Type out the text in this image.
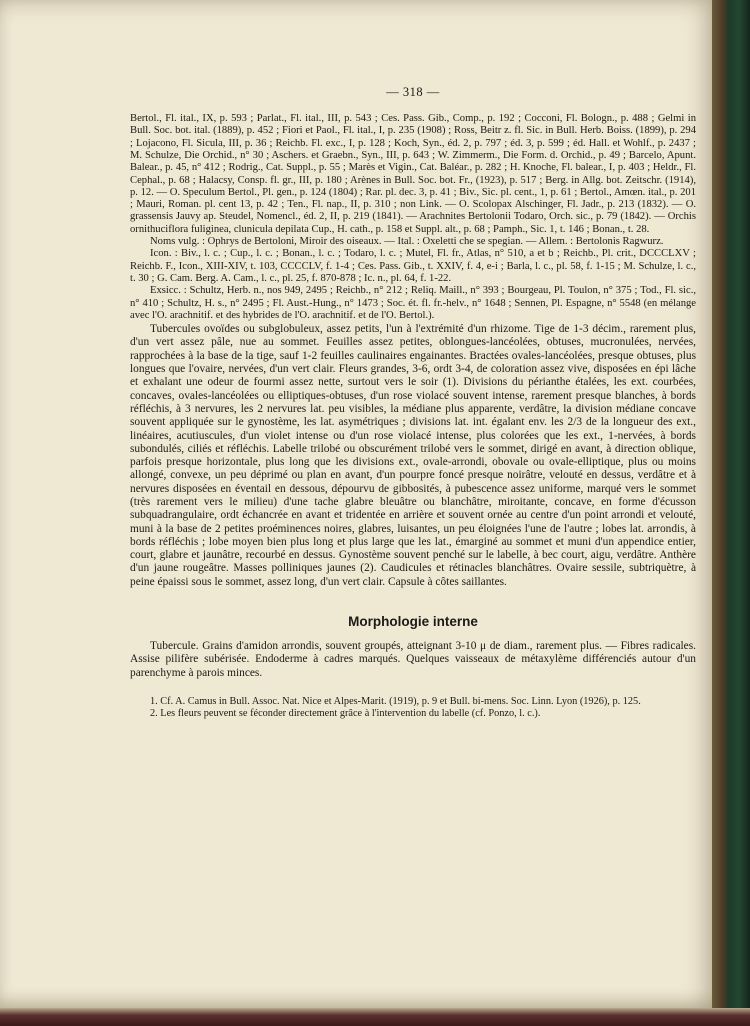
— 318 —

Bertol., Fl. ital., IX, p. 593 ; Parlat., Fl. ital., III, p. 543 ; Ces. Pass. Gib., Comp., p. 192 ; Cocconi, Fl. Bologn., p. 488 ; Gelmi in Bull. Soc. bot. ital. (1889), p. 452 ; Fiori et Paol., Fl. ital., I, p. 235 (1908) ; Ross, Beitr z. fl. Sic. in Bull. Herb. Boiss. (1899), p. 294 ; Lojacono, Fl. Sicula, III, p. 36 ; Reichb. Fl. exc., I, p. 128 ; Koch, Syn., éd. 2, p. 797 ; éd. 3, p. 599 ; éd. Hall. et Wohlf., p. 2437 ; M. Schulze, Die Orchid., n° 30 ; Aschers. et Graebn., Syn., III, p. 643 ; W. Zimmerm., Die Form. d. Orchid., p. 49 ; Barcelo, Apunt. Balear., p. 45, n° 412 ; Rodrig., Cat. Suppl., p. 55 ; Marès et Vigin., Cat. Baléar., p. 282 ; H. Knoche, Fl. balear., I, p. 403 ; Heldr., Fl. Cephal., p. 68 ; Halacsy, Consp. fl. gr., III, p. 180 ; Arènes in Bull. Soc. bot. Fr., (1923), p. 517 ; Berg. in Allg. bot. Zeitschr. (1914), p. 12. — O. Speculum Bertol., Pl. gen., p. 124 (1804) ; Rar. pl. dec. 3, p. 41 ; Biv., Sic. pl. cent., 1, p. 61 ; Bertol., Amœn. ital., p. 201 ; Mauri, Roman. pl. cent 13, p. 42 ; Ten., Fl. nap., II, p. 310 ; non Link. — O. Scolopax Alschinger, Fl. Jadr., p. 213 (1832). — O. grassensis Jauvy ap. Steudel, Nomencl., éd. 2, II, p. 219 (1841). — Arachnites Bertolonii Todaro, Orch. sic., p. 79 (1842). — Orchis ornithuciflora fuliginea, clunicula depilata Cup., H. cath., p. 158 et Suppl. alt., p. 68 ; Pamph., Sic. 1, t. 146 ; Bonan., t. 28.

Noms vulg. : Ophrys de Bertoloni, Miroir des oiseaux. — Ital. : Oxeletti che se spegian. — Allem. : Bertolonis Ragwurz.

Icon. : Biv., l. c. ; Cup., l. c. ; Bonan., l. c. ; Todaro, l. c. ; Mutel, Fl. fr., Atlas, n° 510, a et b ; Reichb., Pl. crit., DCCCLXV ; Reichb. F., Icon., XIII-XIV, t. 103, CCCCLV, f. 1-4 ; Ces. Pass. Gib., t. XXIV, f. 4, e-i ; Barla, l. c., pl. 58, f. 1-15 ; M. Schulze, l. c., t. 30 ; G. Cam. Berg. A. Cam., l. c., pl. 25, f. 870-878 ; Ic. n., pl. 64, f. 1-22.

Exsicc. : Schultz, Herb. n., nos 949, 2495 ; Reichb., n° 212 ; Reliq. Maill., n° 393 ; Bourgeau, Pl. Toulon, n° 375 ; Tod., Fl. sic., n° 410 ; Schultz, H. s., n° 2495 ; Fl. Aust.-Hung., n° 1473 ; Soc. ét. fl. fr.-helv., n° 1648 ; Sennen, Pl. Espagne, n° 5548 (en mélange avec l'O. arachnitif. et des hybrides de l'O. arachnitif. et de l'O. Bertol.).

Tubercules ovoïdes ou subglobuleux, assez petits, l'un à l'extrémité d'un rhizome. Tige de 1-3 décim., rarement plus, d'un vert assez pâle, nue au sommet. Feuilles assez petites, oblongues-lancéolées, obtuses, mucronulées, nervées, rapprochées à la base de la tige, sauf 1-2 feuilles caulinaires engainantes. Bractées ovales-lancéolées, presque obtuses, plus longues que l'ovaire, nervées, d'un vert clair. Fleurs grandes, 3-6, ordt 3-4, de coloration assez vive, disposées en épi lâche et exhalant une odeur de fourmi assez nette, surtout vers le soir (1). Divisions du périanthe étalées, les ext. courbées, concaves, ovales-lancéolées ou elliptiques-obtuses, d'un rose violacé souvent intense, rarement presque blanches, à bords réfléchis, à 3 nervures, les 2 nervures lat. peu visibles, la médiane plus apparente, verdâtre, la division médiane concave souvent appliquée sur le gynostème, les lat. asymétriques ; divisions lat. int. égalant env. les 2/3 de la longueur des ext., linéaires, acutiuscules, d'un violet intense ou d'un rose violacé intense, plus colorées que les ext., 1-nervées, à bords subondulés, ciliés et réfléchis. Labelle trilobé ou obscurément trilobé vers le sommet, dirigé en avant, à direction oblique, parfois presque horizontale, plus long que les divisions ext., ovale-arrondi, obovale ou ovale-elliptique, plus ou moins allongé, convexe, un peu déprimé ou plan en avant, d'un pourpre foncé presque noirâtre, velouté en dessus, verdâtre et à nervures disposées en éventail en dessous, dépourvu de gibbosités, à pubescence assez uniforme, marqué vers le sommet (très rarement vers le milieu) d'une tache glabre bleuâtre ou blanchâtre, miroitante, concave, en forme d'écusson subquadrangulaire, ordt échancrée en avant et tridentée en arrière et souvent ornée au centre d'un point arrondi et velouté, muni à la base de 2 petites proéminences noires, glabres, luisantes, un peu éloignées l'une de l'autre ; lobes lat. arrondis, à bords réfléchis ; lobe moyen bien plus long et plus large que les lat., émarginé au sommet et muni d'un appendice entier, court, glabre et jaunâtre, recourbé en dessus. Gynostème souvent penché sur le labelle, à bec court, aigu, verdâtre. Anthère d'un jaune rougeâtre. Masses polliniques jaunes (2). Caudicules et rétinacles blanchâtres. Ovaire sessile, subtriquètre, à peine épaissi sous le sommet, assez long, d'un vert clair. Capsule à côtes saillantes.

Morphologie interne

Tubercule. Grains d'amidon arrondis, souvent groupés, atteignant 3-10 μ de diam., rarement plus. — Fibres radicales. Assise pilifère subérisée. Endoderme à cadres marqués. Quelques vaisseaux de métaxylème différenciés autour d'un parenchyme à parois minces.

1. Cf. A. Camus in Bull. Assoc. Nat. Nice et Alpes-Marit. (1919), p. 9 et Bull. bi-mens. Soc. Linn. Lyon (1926), p. 125.

2. Les fleurs peuvent se féconder directement grâce à l'intervention du labelle (cf. Ponzo, l. c.).
